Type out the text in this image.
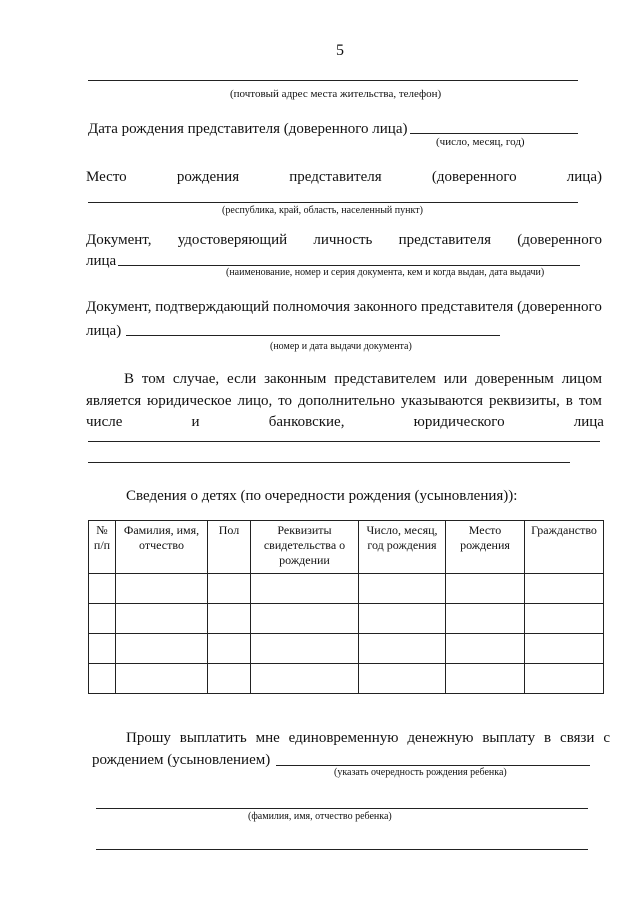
5
(почтовый адрес места жительства, телефон)
Дата рождения представителя (доверенного лица)
(число, месяц, год)
Место	рождения	представителя	(доверенного	лица)
(республика, край, область, населенный пункт)
Документ, удостоверяющий личность представителя (доверенного
лица
(наименование, номер и серия документа, кем и когда выдан, дата выдачи)
Документ, подтверждающий полномочия законного представителя (доверенного
лица)
(номер и дата выдачи документа)
В том случае, если законным представителем или доверенным лицом
является юридическое лицо, то дополнительно указываются реквизиты, в том
числе	и	банковские,	юридического	лица
Сведения о детях (по очередности рождения (усыновления)):
№ п/п	Фамилия, имя, отчество	Пол	Реквизиты свидетельства о рождении	Число, месяц, год рождения	Место рождения	Гражданство

Прошу выплатить мне единовременную денежную выплату в связи с
рождением (усыновлением)
(указать очередность рождения ребенка)
(фамилия, имя, отчество ребенка)
